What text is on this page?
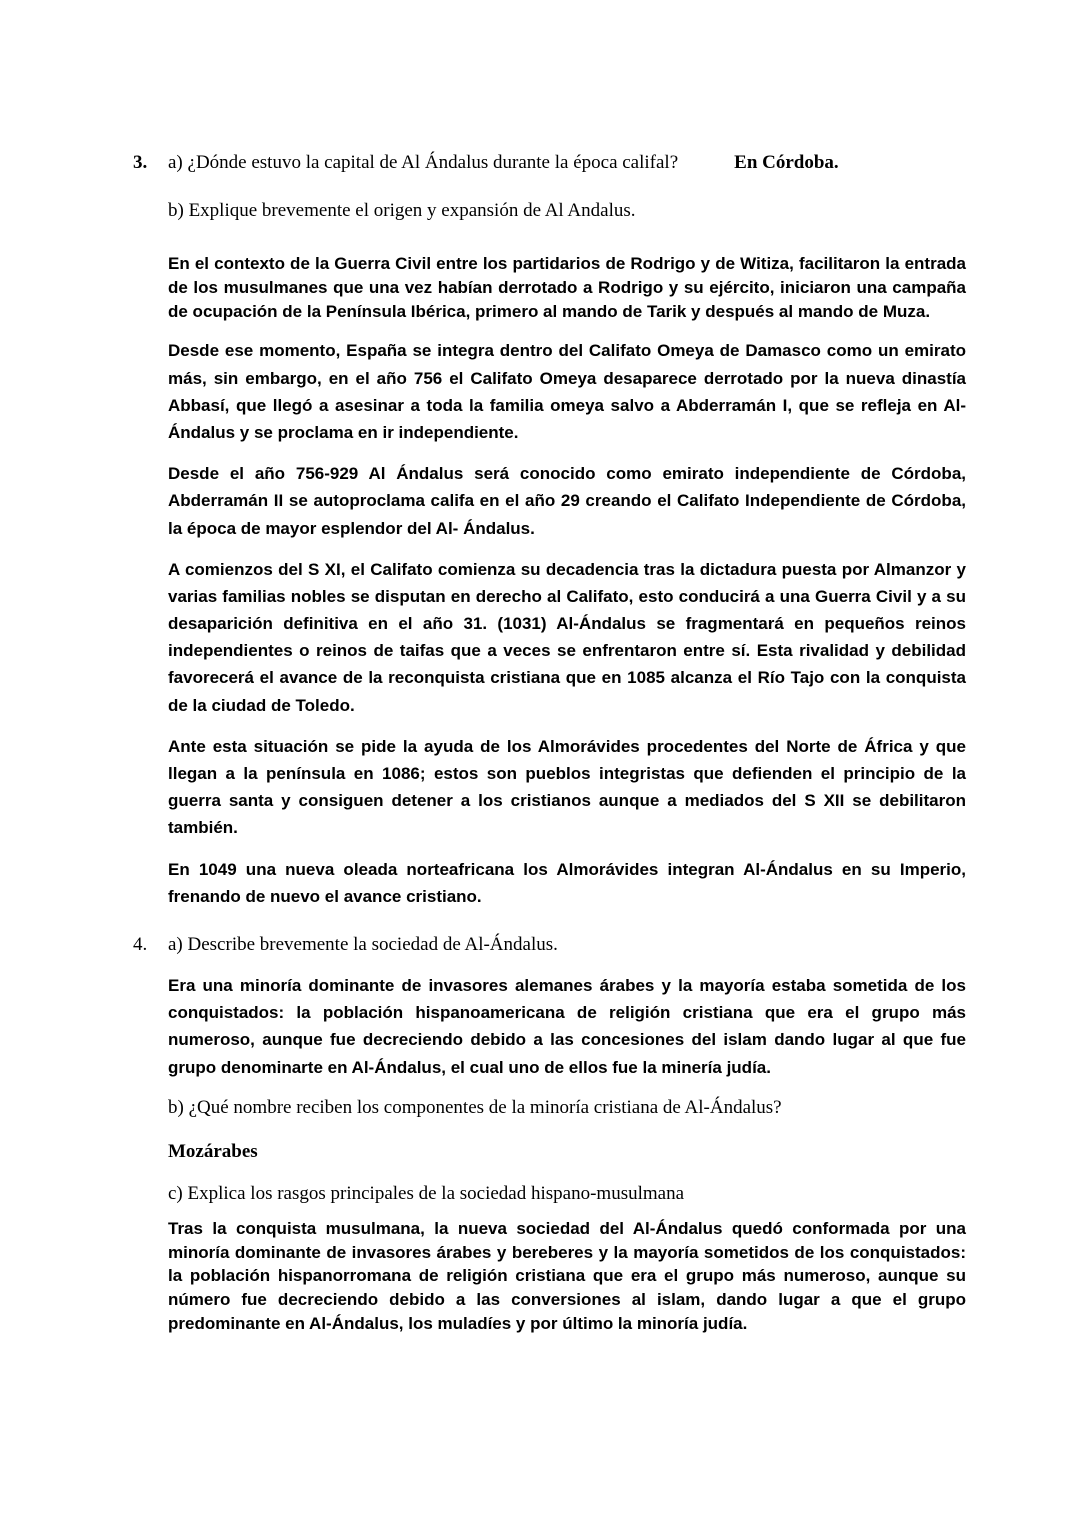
3.	a) ¿Dónde estuvo la capital de Al Ándalus durante la época califal?	En Córdoba.

b) Explique brevemente el origen y expansión de Al Andalus.

En el contexto de la Guerra Civil entre los partidarios de Rodrigo y de Witiza, facilitaron la entrada de los musulmanes que una vez habían derrotado a Rodrigo y su ejército, iniciaron una campaña de ocupación de la Península Ibérica, primero al mando de Tarik y después al mando de Muza.

Desde ese momento, España se integra dentro del Califato Omeya de Damasco como un emirato más, sin embargo, en el año 756 el Califato Omeya desaparece derrotado por la nueva dinastía Abbasí, que llegó a asesinar a toda la familia omeya salvo a Abderramán I, que se refleja en Al-Ándalus y se proclama en ir independiente.

Desde el año 756-929 Al Ándalus será conocido como emirato independiente de Córdoba, Abderramán II se autoproclama califa en el año 29 creando el Califato Independiente de Córdoba, la época de mayor esplendor del Al- Ándalus.

A comienzos del S XI, el Califato comienza su decadencia tras la dictadura puesta por Almanzor y varias familias nobles se disputan en derecho al Califato, esto conducirá a una Guerra Civil y a su desaparición definitiva en el año 31. (1031) Al-Ándalus se fragmentará en pequeños reinos independientes o reinos de taifas que a veces se enfrentaron entre sí. Esta rivalidad y debilidad favorecerá el avance de la reconquista cristiana que en 1085 alcanza el Río Tajo con la conquista de la ciudad de Toledo.

Ante esta situación se pide la ayuda de los Almorávides procedentes del Norte de África y que llegan a la península en 1086; estos son pueblos integristas que defienden el principio de la guerra santa y consiguen detener a los cristianos aunque a mediados del S XII se debilitaron también.

En 1049 una nueva oleada norteafricana los Almorávides integran Al-Ándalus en su Imperio, frenando de nuevo el avance cristiano.

4.	a) Describe brevemente la sociedad de Al-Ándalus.

Era una minoría dominante de invasores alemanes árabes y la mayoría estaba sometida de los conquistados: la población hispanoamericana de religión cristiana que era el grupo más numeroso, aunque fue decreciendo debido a las concesiones del islam dando lugar al que fue grupo denominarte en Al-Ándalus, el cual uno de ellos fue la minería judía.

b) ¿Qué nombre reciben los componentes de la minoría cristiana de Al-Ándalus?

Mozárabes

c) Explica los rasgos principales de la sociedad hispano-musulmana

Tras la conquista musulmana, la nueva sociedad del Al-Ándalus quedó conformada por una minoría dominante de invasores árabes y bereberes y la mayoría sometidos de los conquistados: la población hispanorromana de religión cristiana que era el grupo más numeroso, aunque su número fue decreciendo debido a las conversiones al islam, dando lugar a que el grupo predominante en Al-Ándalus, los muladíes y por último la minoría judía.
